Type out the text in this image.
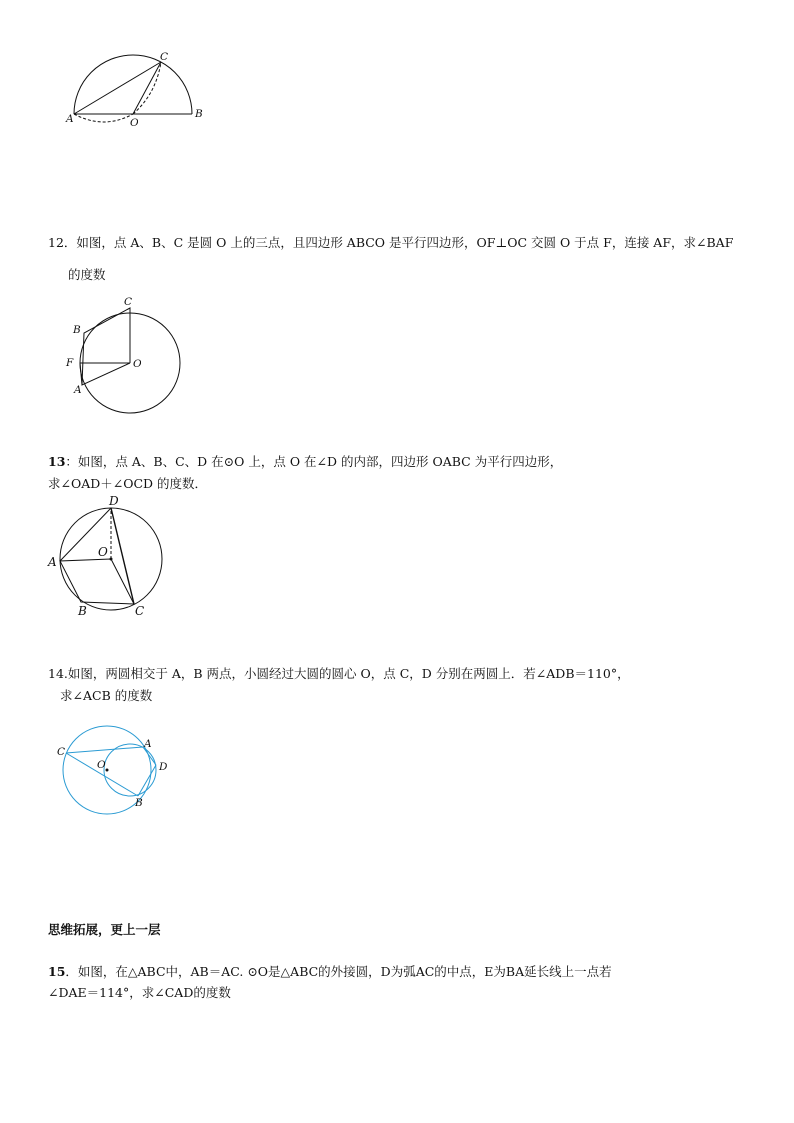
A	O
B
C
12．如图，点 A、B、C 是圆 O 上的三点，且四边形 ABCO 是平行四边形，OF⊥OC 交圆 O 于点 F，连接 AF，求∠BAF
的度数
C
B
F	O
A
13：如图，点 A、B、C、D 在⊙O 上，点 O 在∠D 的内部，四边形 OABC 为平行四边形，
求∠OAD＋∠OCD 的度数．
D
O
A
B	C
14.如图，两圆相交于 A，B 两点，小圆经过大圆的圆心 O，点 C，D 分别在两圆上．若∠ADB＝110°，
求∠ACB 的度数
C
A
O	D
B
思维拓展，更上一层
15．如图，在△ABC中，AB＝AC. ⊙O是△ABC的外接圆，D为弧AC的中点，E为BA延长线上一点若
∠DAE＝114°，求∠CAD的度数
